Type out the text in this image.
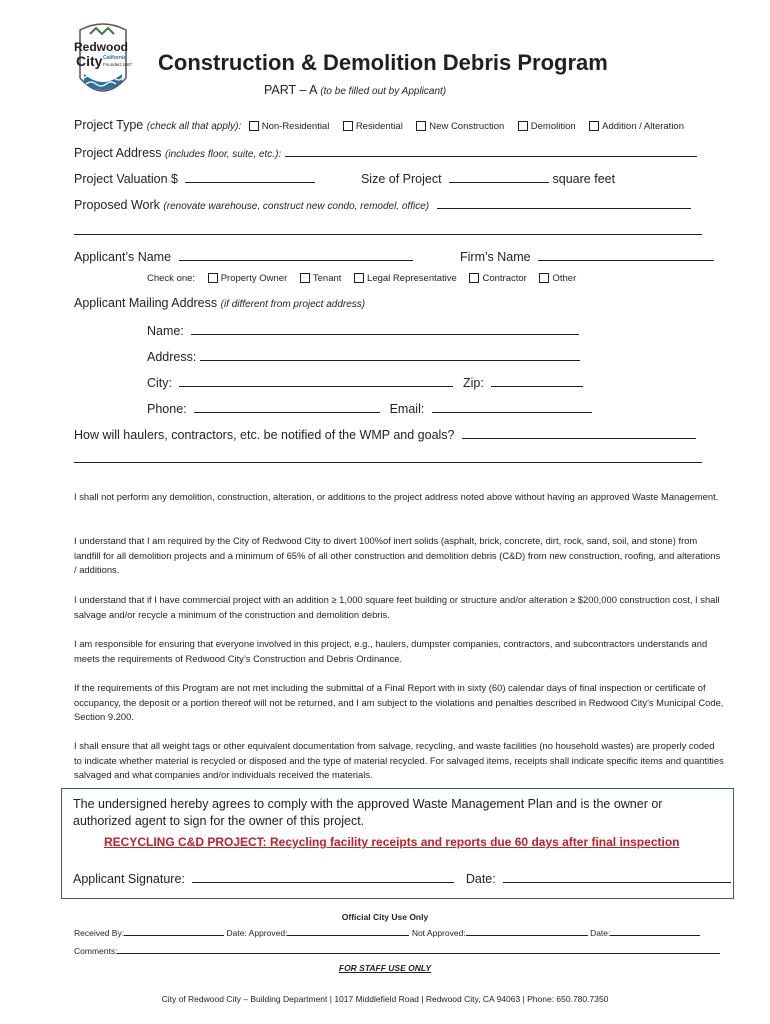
Redwood
City California
Founded 1867 Construction & Demolition Debris Program
PART – A (to be filled out by Applicant)
Project Type (check all that apply): Non-Residential	Residential	New Construction	Demolition	Addition / Alteration
Project Address (includes floor, suite, etc.):
Project Valuation $	Size of Project	square feet
Proposed Work (renovate warehouse, construct new condo, remodel, office)
Applicant’s Name	Firm’s Name
Check one:	Property Owner	Tenant	Legal Representative	Contractor	Other
Applicant Mailing Address (if different from project address)
Name:
Address:
City:	Zip:
Phone:	Email:
How will haulers, contractors, etc. be notified of the WMP and goals?
I shall not perform any demolition, construction, alteration, or additions to the project address noted above without having an approved Waste Management.
I understand that I am required by the City of Redwood City to divert 100%of inert solids (asphalt, brick, concrete, dirt, rock, sand, soil, and stone) from landfill for all demolition projects and a minimum of 65% of all other construction and demolition debris (C&D) from new construction, roofing, and alterations / additions.
I understand that if I have commercial project with an addition ≥ 1,000 square feet building or structure and/or alteration ≥ $200,000 construction cost, I shall salvage and/or recycle a minimum of the construction and demolition debris.
I am responsible for ensuring that everyone involved in this project, e.g., haulers, dumpster companies, contractors, and subcontractors understands and meets the requirements of Redwood City’s Construction and Debris Ordinance.
If the requirements of this Program are not met including the submittal of a Final Report with in sixty (60) calendar days of final inspection or certificate of occupancy, the deposit or a portion thereof will not be returned, and I am subject to the violations and penalties described in Redwood City's Municipal Code, Section 9.200.
I shall ensure that all weight tags or other equivalent documentation from salvage, recycling, and waste facilities (no household wastes) are properly coded to indicate whether material is recycled or disposed and the type of material recycled. For salvaged items, receipts shall indicate specific items and quantities salvaged and what companies and/or individuals received the materials.
The undersigned hereby agrees to comply with the approved Waste Management Plan and is the owner or authorized agent to sign for the owner of this project.
RECYCLING C&D PROJECT: Recycling facility receipts and reports due 60 days after final inspection
Applicant Signature:	Date:
Official City Use Only
Received By:	Date: Approved:	Not Approved:	Date:
Comments:
FOR STAFF USE ONLY
City of Redwood City – Building Department | 1017 Middlefield Road | Redwood City, CA 94063 | Phone: 650.780.7350
